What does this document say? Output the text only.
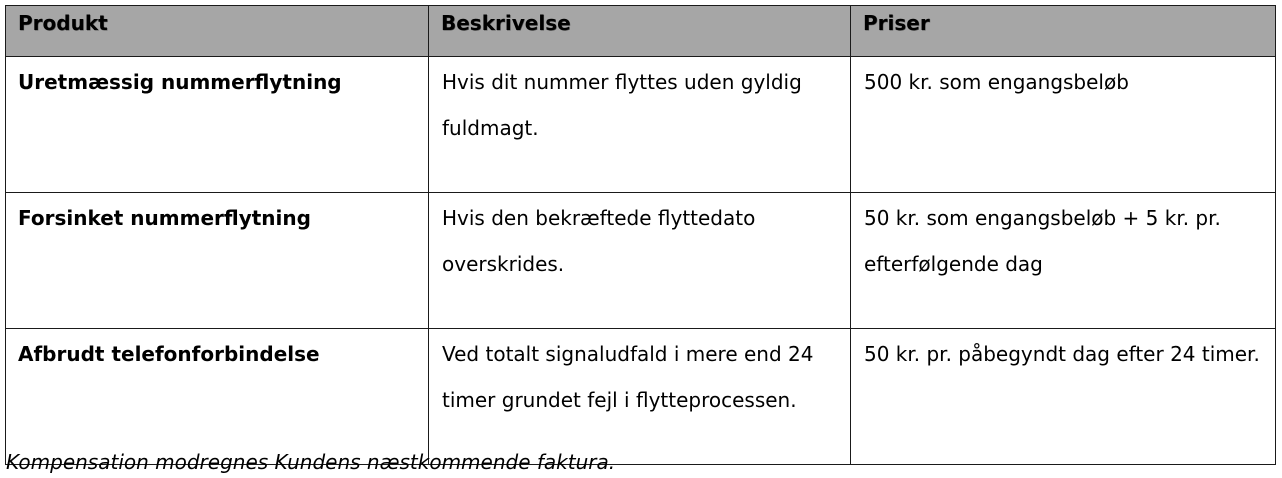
Produkt	Beskrivelse	Priser
Uretmæssig nummerflytning	Hvis dit nummer flyttes uden gyldig fuldmagt.	500 kr. som engangsbeløb
Forsinket nummerflytning	Hvis den bekræftede flyttedato overskrides.	50 kr. som engangsbeløb + 5 kr. pr. efterfølgende dag
Afbrudt telefonforbindelse	Ved totalt signaludfald i mere end 24 timer grundet fejl i flytteprocessen.	50 kr. pr. påbegyndt dag efter 24 timer.
Kompensation modregnes Kundens næstkommende faktura.
